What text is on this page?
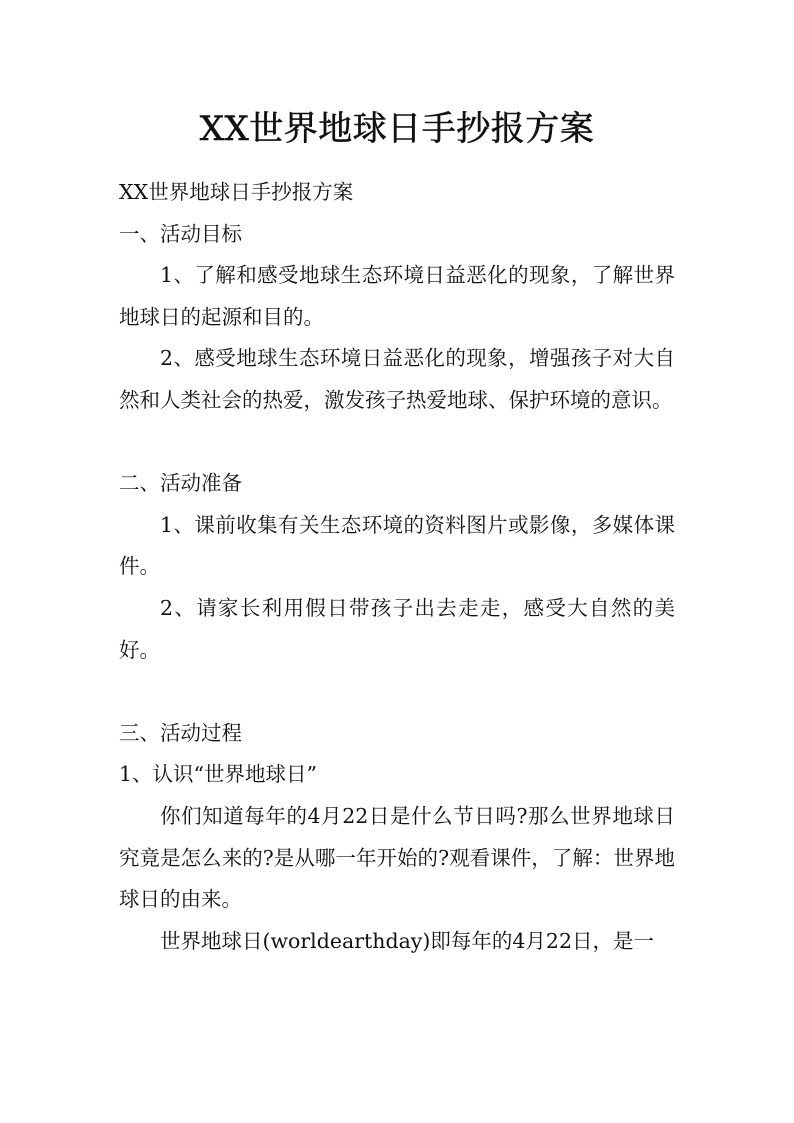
XX世界地球日手抄报方案

XX世界地球日手抄报方案

一、活动目标

1、了解和感受地球生态环境日益恶化的现象，了解世界地球日的起源和目的。

2、感受地球生态环境日益恶化的现象，增强孩子对大自然和人类社会的热爱，激发孩子热爱地球、保护环境的意识。

二、活动准备

1、课前收集有关生态环境的资料图片或影像，多媒体课件。

2、请家长利用假日带孩子出去走走，感受大自然的美好。

三、活动过程

1、认识“世界地球日”

你们知道每年的4月22日是什么节日吗?那么世界地球日究竟是怎么来的?是从哪一年开始的?观看课件，了解：世界地球日的由来。

世界地球日(worldearthday)即每年的4月22日，是一
